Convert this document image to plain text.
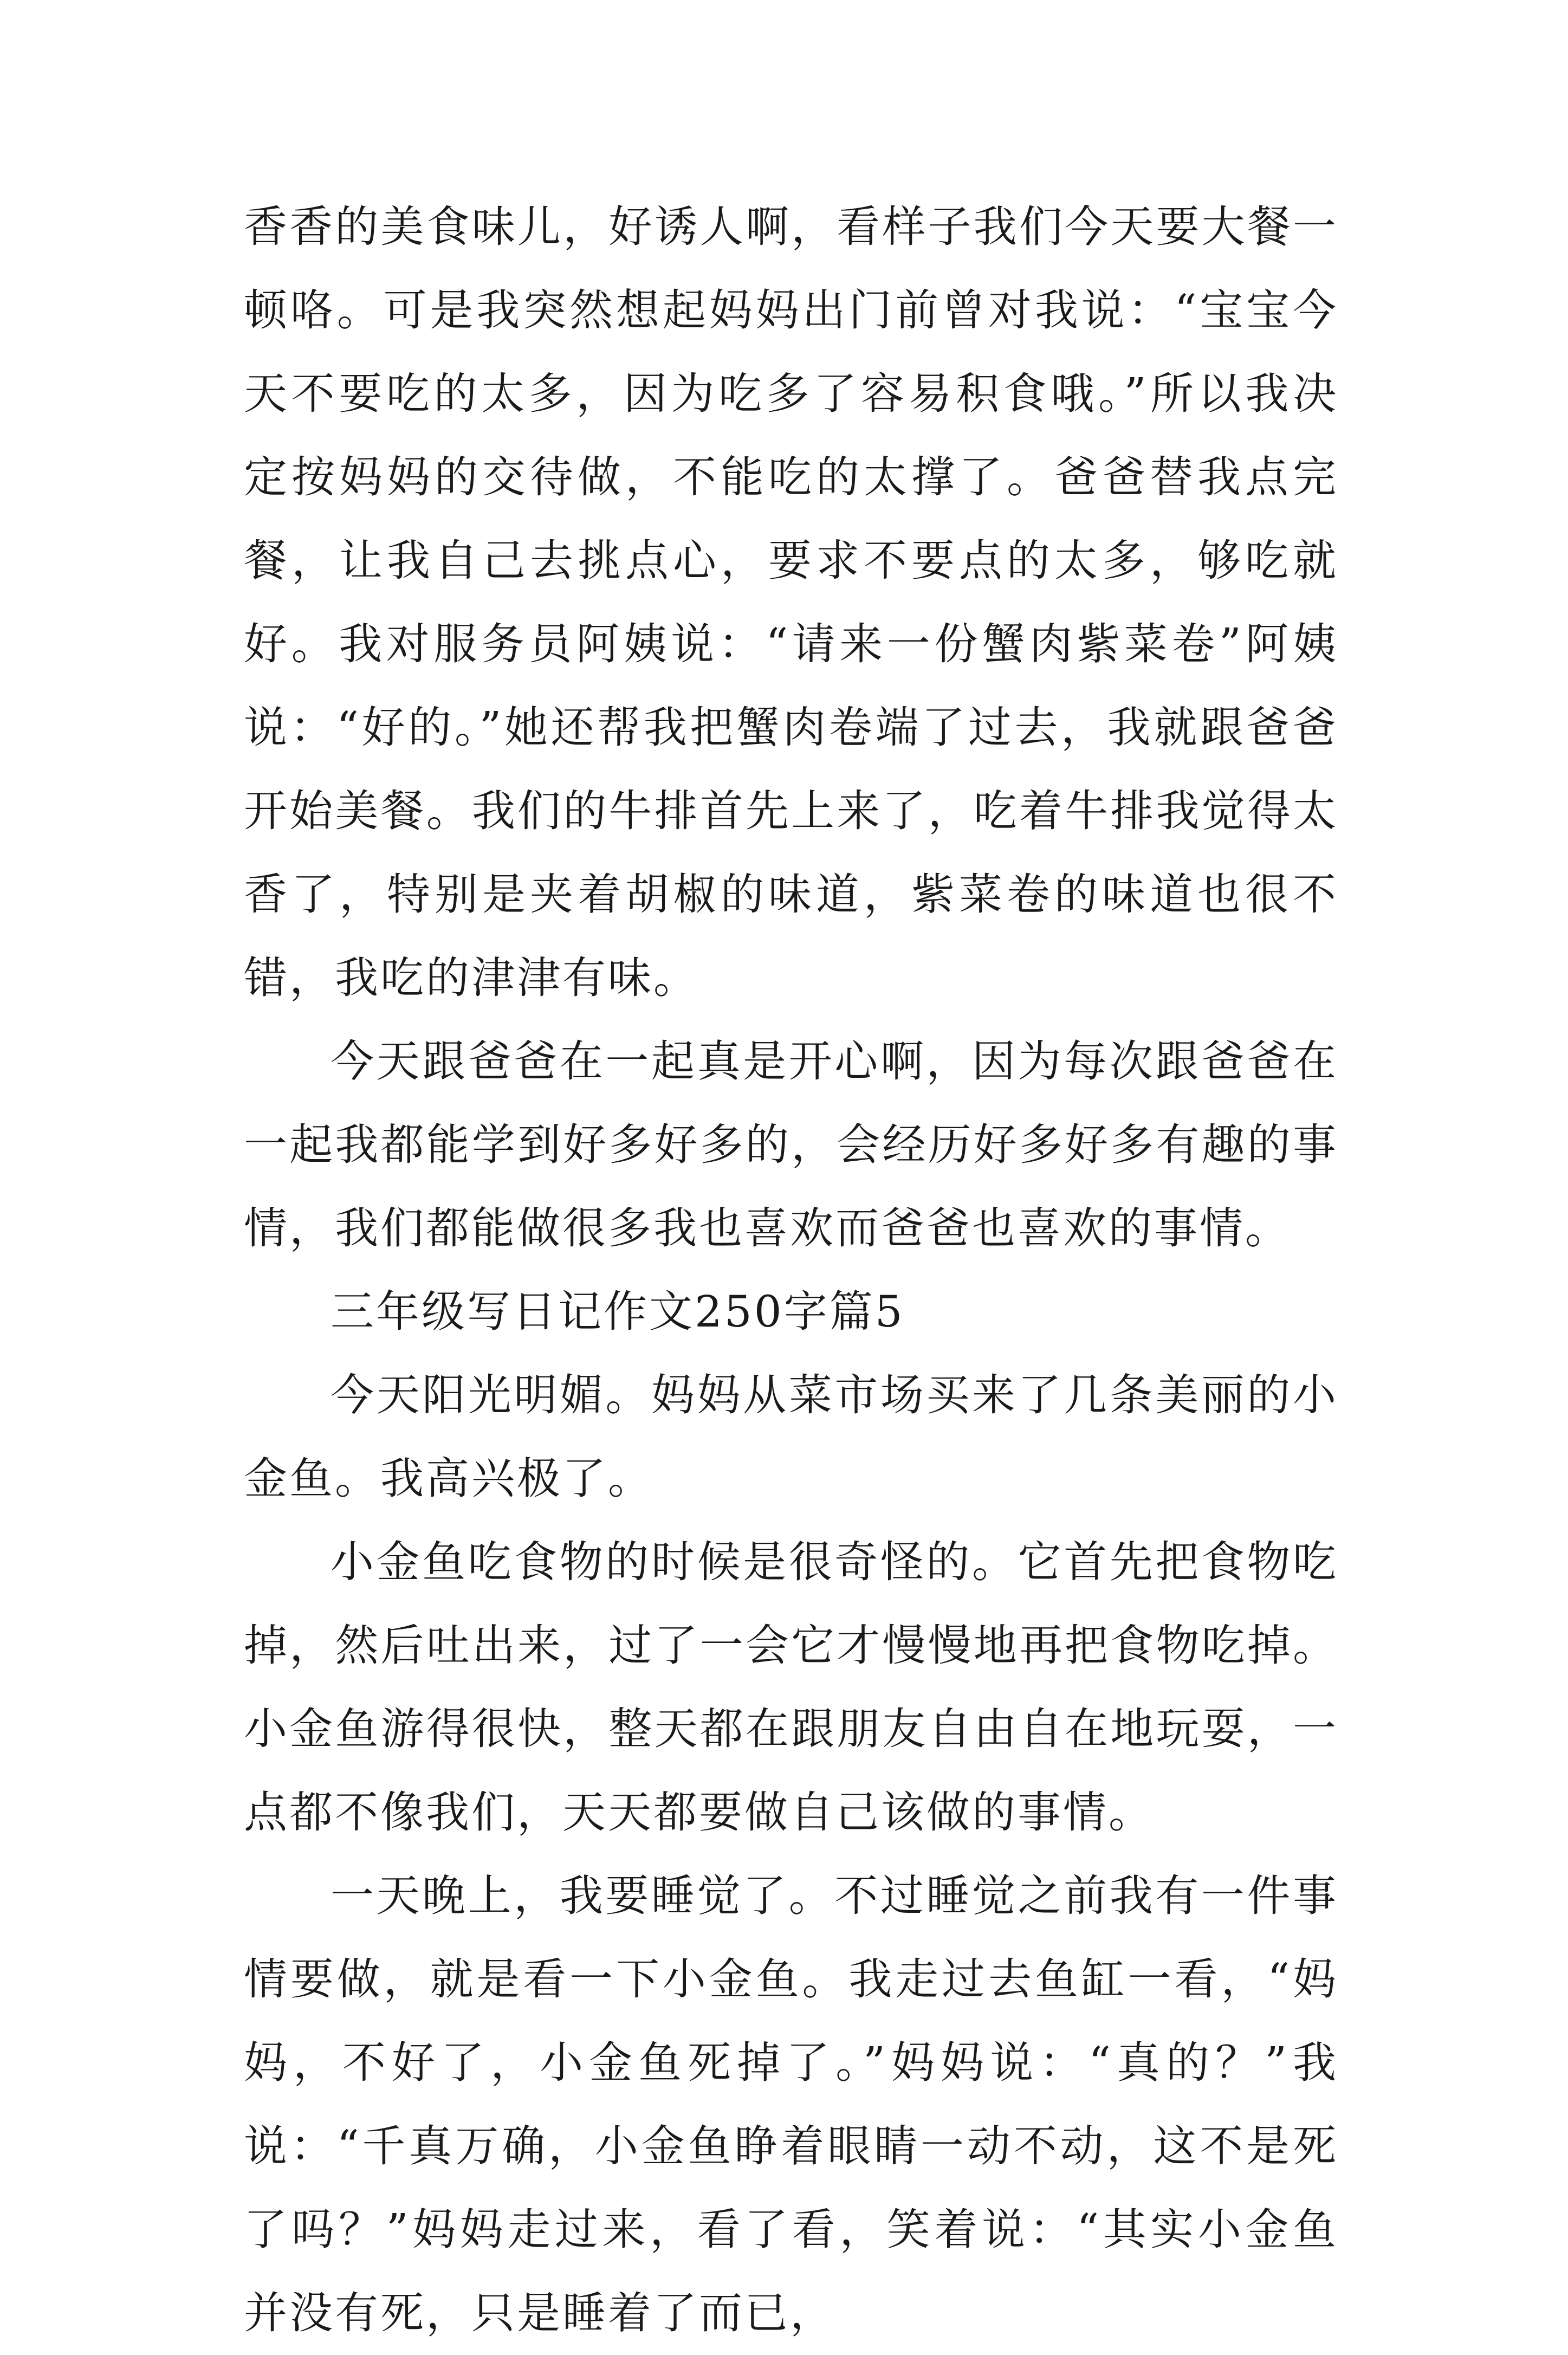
香香的美食味儿，好诱人啊，看样子我们今天要大餐一顿咯。可是我突然想起妈妈出门前曾对我说：“宝宝今天不要吃的太多，因为吃多了容易积食哦。”所以我决定按妈妈的交待做，不能吃的太撑了。爸爸替我点完餐，让我自己去挑点心，要求不要点的太多，够吃就好。我对服务员阿姨说：“请来一份蟹肉紫菜卷”阿姨说：“好的。”她还帮我把蟹肉卷端了过去，我就跟爸爸开始美餐。我们的牛排首先上来了，吃着牛排我觉得太香了，特别是夹着胡椒的味道，紫菜卷的味道也很不错，我吃的津津有味。

今天跟爸爸在一起真是开心啊，因为每次跟爸爸在一起我都能学到好多好多的，会经历好多好多有趣的事情，我们都能做很多我也喜欢而爸爸也喜欢的事情。

三年级写日记作文250字篇5

今天阳光明媚。妈妈从菜市场买来了几条美丽的小金鱼。我高兴极了。

小金鱼吃食物的时候是很奇怪的。它首先把食物吃掉，然后吐出来，过了一会它才慢慢地再把食物吃掉。小金鱼游得很快，整天都在跟朋友自由自在地玩耍，一点都不像我们，天天都要做自己该做的事情。

一天晚上，我要睡觉了。不过睡觉之前我有一件事情要做，就是看一下小金鱼。我走过去鱼缸一看，“妈妈，不好了，小金鱼死掉了。”妈妈说：“真的？”我说：“千真万确，小金鱼睁着眼睛一动不动，这不是死了吗？”妈妈走过来，看了看，笑着说：“其实小金鱼并没有死，只是睡着了而已，
